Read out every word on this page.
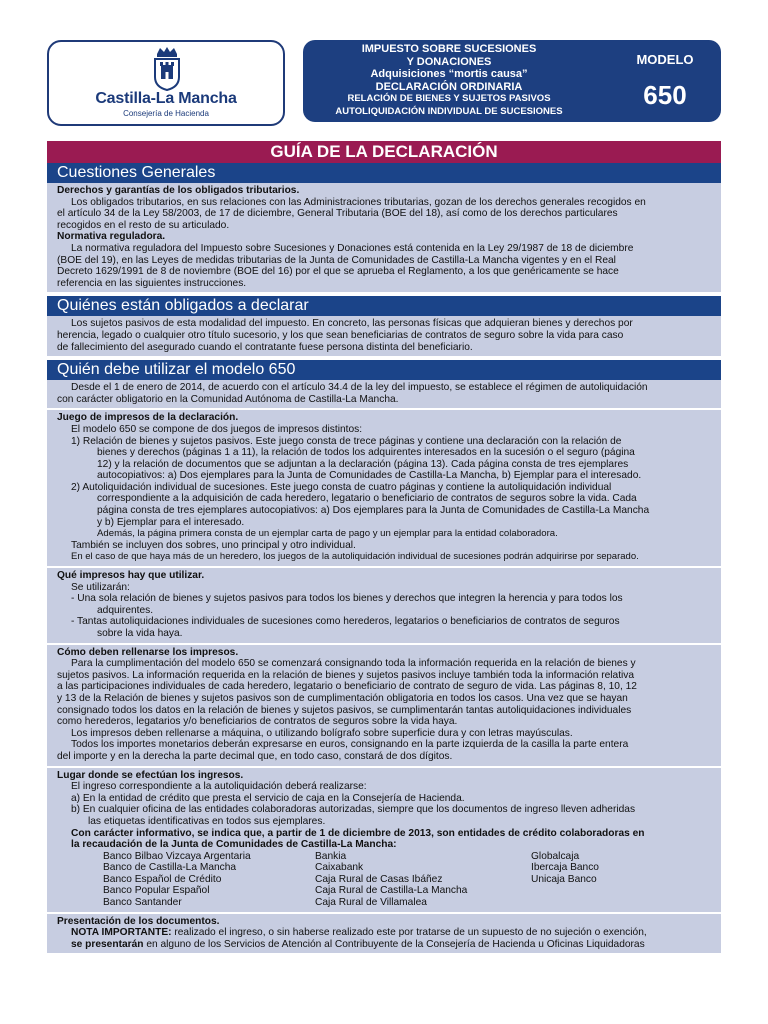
Castilla-La Mancha
Consejería de Hacienda
IMPUESTO SOBRE SUCESIONES
Y DONACIONES
Adquisiciones “mortis causa”
DECLARACIÓN ORDINARIA
RELACIÓN DE BIENES Y SUJETOS PASIVOS
AUTOLIQUIDACIÓN INDIVIDUAL DE SUCESIONES
MODELO
650
GUÍA DE LA DECLARACIÓN
Cuestiones Generales
Derechos y garantías de los obligados tributarios.
Los obligados tributarios, en sus relaciones con las Administraciones tributarias, gozan de los derechos generales recogidos en
el artículo 34 de la Ley 58/2003, de 17 de diciembre, General Tributaria (BOE del 18), así como de los derechos particulares
recogidos en el resto de su articulado.
Normativa reguladora.
La normativa reguladora del Impuesto sobre Sucesiones y Donaciones está contenida en la Ley 29/1987 de 18 de diciembre
(BOE del 19), en las Leyes de medidas tributarias de la Junta de Comunidades de Castilla-La Mancha vigentes y en el Real
Decreto 1629/1991 de 8 de noviembre (BOE del 16) por el que se aprueba el Reglamento, a los que genéricamente se hace
referencia en las siguientes instrucciones.
Quiénes están obligados a declarar
Los sujetos pasivos de esta modalidad del impuesto. En concreto, las personas físicas que adquieran bienes y derechos por
herencia, legado o cualquier otro título sucesorio, y los que sean beneficiarias de contratos de seguro sobre la vida para caso
de fallecimiento del asegurado cuando el contratante fuese persona distinta del beneficiario.
Quién debe utilizar el modelo 650
Desde el 1 de enero de 2014, de acuerdo con el artículo 34.4 de la ley del impuesto, se establece el régimen de autoliquidación
con carácter obligatorio en la Comunidad Autónoma de Castilla-La Mancha.
Juego de impresos de la declaración.
El modelo 650 se compone de dos juegos de impresos distintos:
1) Relación de bienes y sujetos pasivos. Este juego consta de trece páginas y contiene una declaración con la relación de
bienes y derechos (páginas 1 a 11), la relación de todos los adquirentes interesados en la sucesión o el seguro (página
12) y la relación de documentos que se adjuntan a la declaración (página 13). Cada página consta de tres ejemplares
autocopiativos: a) Dos ejemplares para la Junta de Comunidades de Castilla-La Mancha, b) Ejemplar para el interesado.
2) Autoliquidación individual de sucesiones. Este juego consta de cuatro páginas y contiene la autoliquidación individual
correspondiente a la adquisición de cada heredero, legatario o beneficiario de contratos de seguros sobre la vida. Cada
página consta de tres ejemplares autocopiativos: a) Dos ejemplares para la Junta de Comunidades de Castilla-La Mancha
y b) Ejemplar para el interesado.
Además, la página primera consta de un ejemplar carta de pago y un ejemplar para la entidad colaboradora.
También se incluyen dos sobres, uno principal y otro individual.
En el caso de que haya más de un heredero, los juegos de la autoliquidación individual de sucesiones podrán adquirirse por separado.
Qué impresos hay que utilizar.
Se utilizarán:
- Una sola relación de bienes y sujetos pasivos para todos los bienes y derechos que integren la herencia y para todos los
adquirentes.
- Tantas autoliquidaciones individuales de sucesiones como herederos, legatarios o beneficiarios de contratos de seguros
sobre la vida haya.
Cómo deben rellenarse los impresos.
Para la cumplimentación del modelo 650 se comenzará consignando toda la información requerida en la relación de bienes y
sujetos pasivos. La información requerida en la relación de bienes y sujetos pasivos incluye también toda la información relativa
a las participaciones individuales de cada heredero, legatario o beneficiario de contrato de seguro de vida. Las páginas 8, 10, 12
y 13 de la Relación de bienes y sujetos pasivos son de cumplimentación obligatoria en todos los casos. Una vez que se hayan
consignado todos los datos en la relación de bienes y sujetos pasivos, se cumplimentarán tantas autoliquidaciones individuales
como herederos, legatarios y/o beneficiarios de contratos de seguros sobre la vida haya.
Los impresos deben rellenarse a máquina, o utilizando bolígrafo sobre superficie dura y con letras mayúsculas.
Todos los importes monetarios deberán expresarse en euros, consignando en la parte izquierda de la casilla la parte entera
del importe y en la derecha la parte decimal que, en todo caso, constará de dos dígitos.
Lugar donde se efectúan los ingresos.
El ingreso correspondiente a la autoliquidación deberá realizarse:
a) En la entidad de crédito que presta el servicio de caja en la Consejería de Hacienda.
b) En cualquier oficina de las entidades colaboradoras autorizadas, siempre que los documentos de ingreso lleven adheridas
las etiquetas identificativas en todos sus ejemplares.
Con carácter informativo, se indica que, a partir de 1 de diciembre de 2013, son entidades de crédito colaboradoras en
la recaudación de la Junta de Comunidades de Castilla-La Mancha:
Banco Bilbao Vizcaya Argentaria
Banco de Castilla-La Mancha
Banco Español de Crédito
Banco Popular Español
Banco Santander
Bankia
Caixabank
Caja Rural de Casas Ibáñez
Caja Rural de Castilla-La Mancha
Caja Rural de Villamalea
Globalcaja
Ibercaja Banco
Unicaja Banco
Presentación de los documentos.
NOTA IMPORTANTE: realizado el ingreso, o sin haberse realizado este por tratarse de un supuesto de no sujeción o exención,
se presentarán en alguno de los Servicios de Atención al Contribuyente de la Consejería de Hacienda u Oficinas Liquidadoras
